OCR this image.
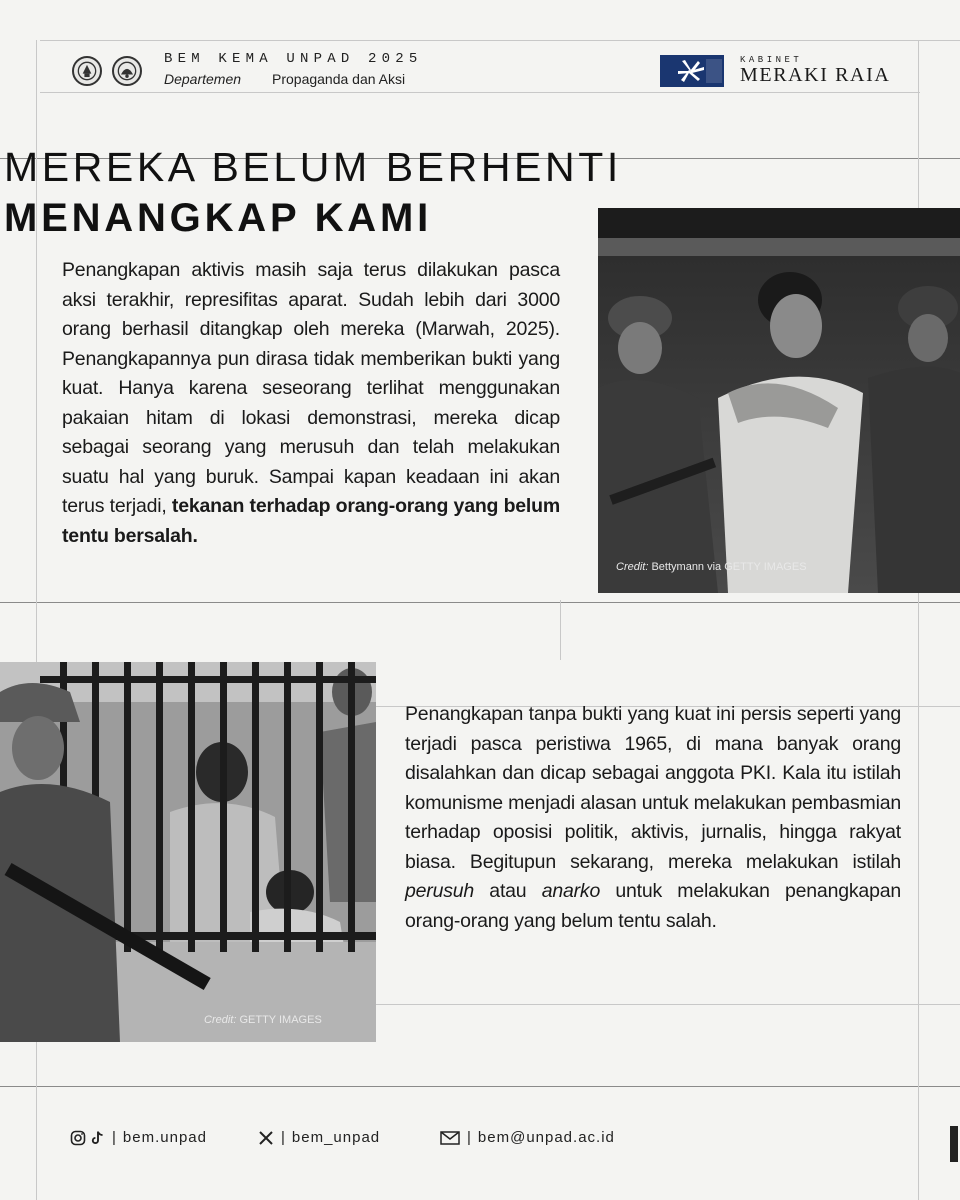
BEM KEMA UNPAD 2025
Departemen Propaganda dan Aksi
KABINET
MERAKI RAIA
MEREKA BELUM BERHENTI
MENANGKAP KAMI
Penangkapan aktivis masih saja terus dilakukan pasca aksi terakhir, represifitas aparat. Sudah lebih dari 3000 orang berhasil ditangkap oleh mereka (Marwah, 2025). Penangkapannya pun dirasa tidak memberikan bukti yang kuat. Hanya karena seseorang terlihat menggunakan pakaian hitam di lokasi demonstrasi, mereka dicap sebagai seorang yang merusuh dan telah melakukan suatu hal yang buruk. Sampai kapan keadaan ini akan terus terjadi, tekanan terhadap orang-orang yang belum tentu bersalah.
Credit: Bettymann via GETTY IMAGES
Credit: GETTY IMAGES
Penangkapan tanpa bukti yang kuat ini persis seperti yang terjadi pasca peristiwa 1965, di mana banyak orang disalahkan dan dicap sebagai anggota PKI. Kala itu istilah komunisme menjadi alasan untuk melakukan pembasmian terhadap oposisi politik, aktivis, jurnalis, hingga rakyat biasa. Begitupun sekarang, mereka melakukan istilah perusuh atau anarko untuk melakukan penangkapan orang-orang yang belum tentu salah.
| bem.unpad	| bem_unpad	| bem@unpad.ac.id
